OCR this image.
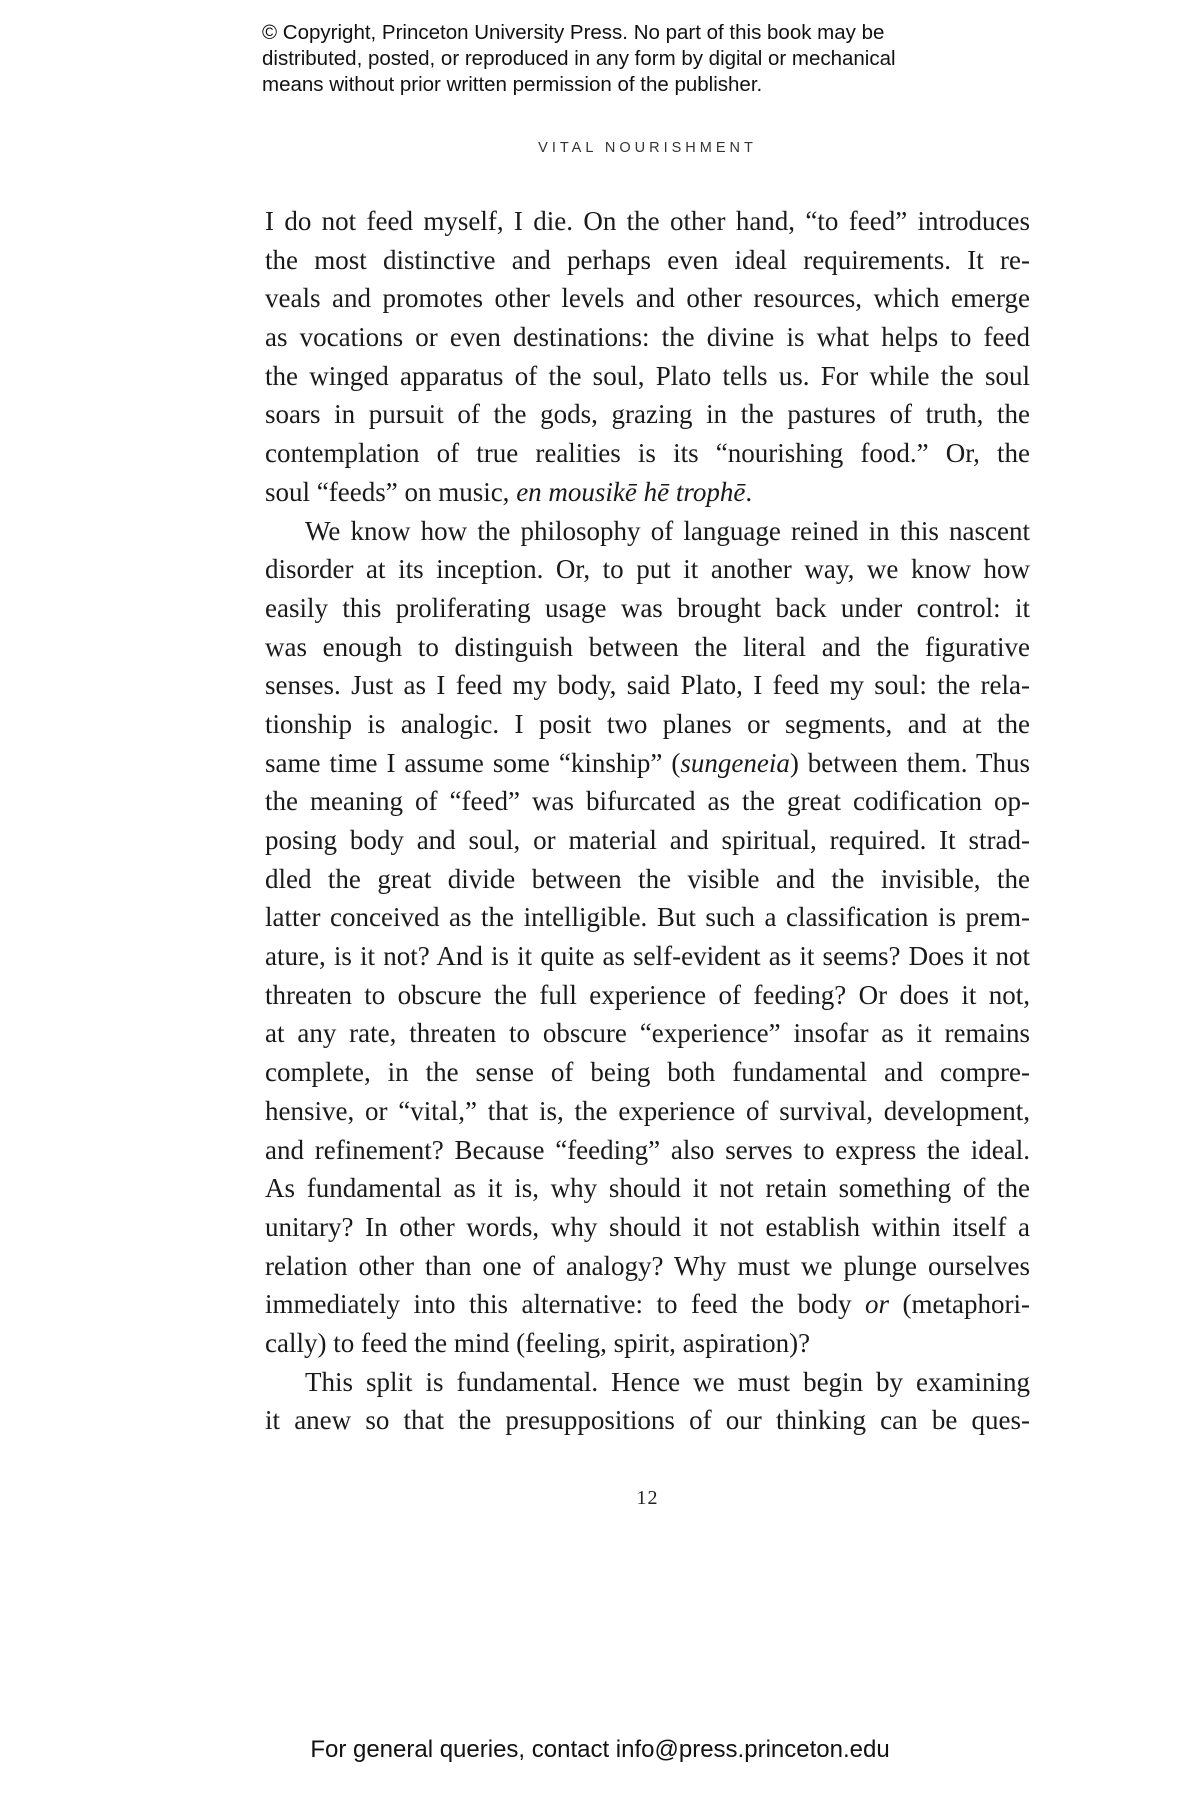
© Copyright, Princeton University Press. No part of this book may be
distributed, posted, or reproduced in any form by digital or mechanical
means without prior written permission of the publisher.
VITAL NOURISHMENT
I do not feed myself, I die. On the other hand, “to feed” introduces
the most distinctive and perhaps even ideal requirements. It re-
veals and promotes other levels and other resources, which emerge
as vocations or even destinations: the divine is what helps to feed
the winged apparatus of the soul, Plato tells us. For while the soul
soars in pursuit of the gods, grazing in the pastures of truth, the
contemplation of true realities is its “nourishing food.” Or, the
soul “feeds” on music, en mousikē hē trophē.
We know how the philosophy of language reined in this nascent
disorder at its inception. Or, to put it another way, we know how
easily this proliferating usage was brought back under control: it
was enough to distinguish between the literal and the figurative
senses. Just as I feed my body, said Plato, I feed my soul: the rela-
tionship is analogic. I posit two planes or segments, and at the
same time I assume some “kinship” (sungeneia) between them. Thus
the meaning of “feed” was bifurcated as the great codification op-
posing body and soul, or material and spiritual, required. It strad-
dled the great divide between the visible and the invisible, the
latter conceived as the intelligible. But such a classification is prem-
ature, is it not? And is it quite as self-evident as it seems? Does it not
threaten to obscure the full experience of feeding? Or does it not,
at any rate, threaten to obscure “experience” insofar as it remains
complete, in the sense of being both fundamental and compre-
hensive, or “vital,” that is, the experience of survival, development,
and refinement? Because “feeding” also serves to express the ideal.
As fundamental as it is, why should it not retain something of the
unitary? In other words, why should it not establish within itself a
relation other than one of analogy? Why must we plunge ourselves
immediately into this alternative: to feed the body or (metaphori-
cally) to feed the mind (feeling, spirit, aspiration)?
This split is fundamental. Hence we must begin by examining
it anew so that the presuppositions of our thinking can be ques-
12
For general queries, contact info@press.princeton.edu
